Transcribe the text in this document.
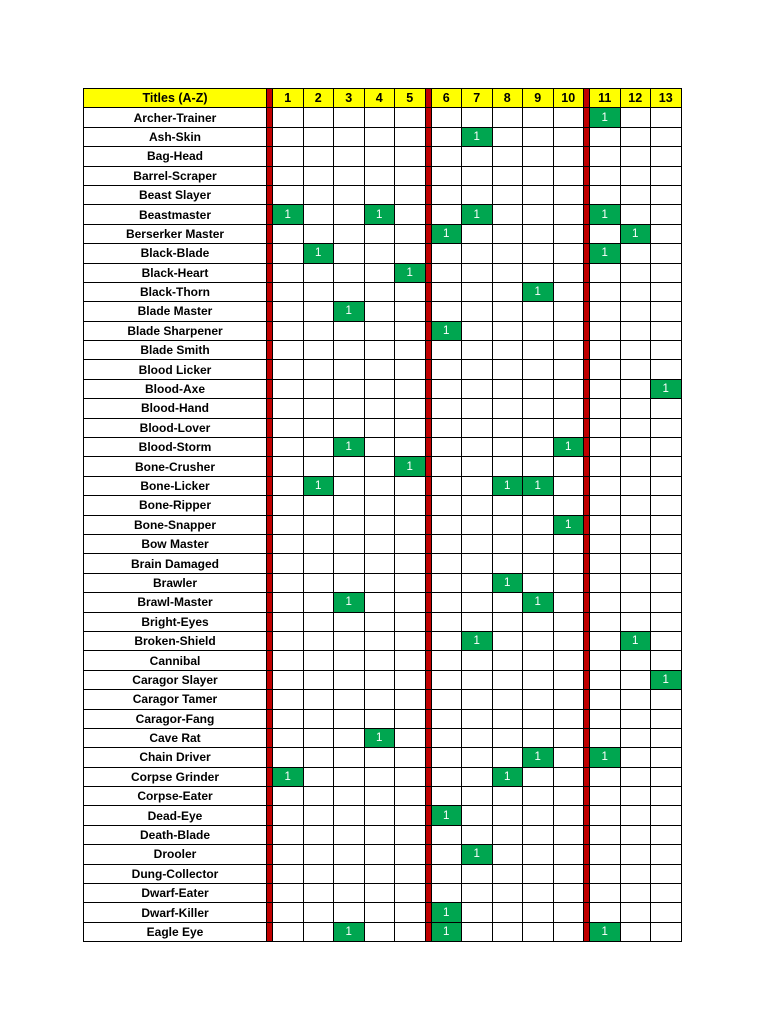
Titles (A-Z)		1	2	3	4	5		6	7	8	9	10		11	12	13
Archer-Trainer														1		
Ash-Skin									1							
Bag-Head																
Barrel-Scraper																
Beast Slayer																
Beastmaster		1			1				1					1		
Berserker Master								1							1	
Black-Blade			1											1		
Black-Heart						1										
Black-Thorn											1					
Blade Master				1												
Blade Sharpener								1								
Blade Smith																
Blood Licker																
Blood-Axe																1
Blood-Hand																
Blood-Lover																
Blood-Storm				1								1				
Bone-Crusher						1										
Bone-Licker			1							1	1					
Bone-Ripper																
Bone-Snapper												1				
Bow Master																
Brain Damaged																
Brawler										1						
Brawl-Master				1							1					
Bright-Eyes																
Broken-Shield									1						1	
Cannibal																
Caragor Slayer																1
Caragor Tamer																
Caragor-Fang																
Cave Rat					1											
Chain Driver											1			1		
Corpse Grinder		1								1						
Corpse-Eater																
Dead-Eye								1								
Death-Blade																
Drooler									1							
Dung-Collector																
Dwarf-Eater																
Dwarf-Killer								1								
Eagle Eye				1				1						1		
